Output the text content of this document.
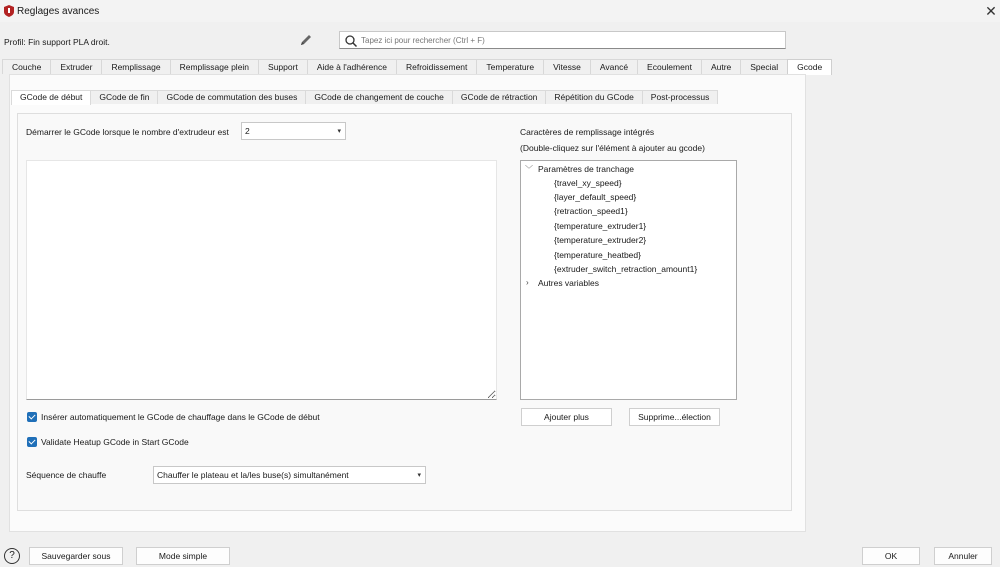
Reglages avances	✕
Profil: Fin support PLA droit.
Tapez ici pour rechercher (Ctrl + F)
Couche	Extruder	Remplissage	Remplissage plein	Support	Aide à l'adhérence	Refroidissement	Temperature	Vitesse	Avancé	Ecoulement	Autre	Special	Gcode
GCode de début	GCode de fin	GCode de commutation des buses	GCode de changement de couche	GCode de rétraction	Répétition du GCode	Post-processus
Démarrer le GCode lorsque le nombre d'extrudeur est	2	▾	Caractères de remplissage intégrés
(Double-cliquez sur l'élément à ajouter au gcode)
﹀ Paramètres de tranchage
{travel_xy_speed}
{layer_default_speed}
{retraction_speed1}
{temperature_extruder1}
{temperature_extruder2}
{temperature_heatbed}
{extruder_switch_retraction_amount1}
› Autres variables
Ajouter plus	Supprime...élection
Insérer automatiquement le GCode de chauffage dans le GCode de début
Validate Heatup GCode in Start GCode
Séquence de chauffe	Chauffer le plateau et la/les buse(s) simultanément	▾
?	Sauvegarder sous	Mode simple	OK	Annuler
